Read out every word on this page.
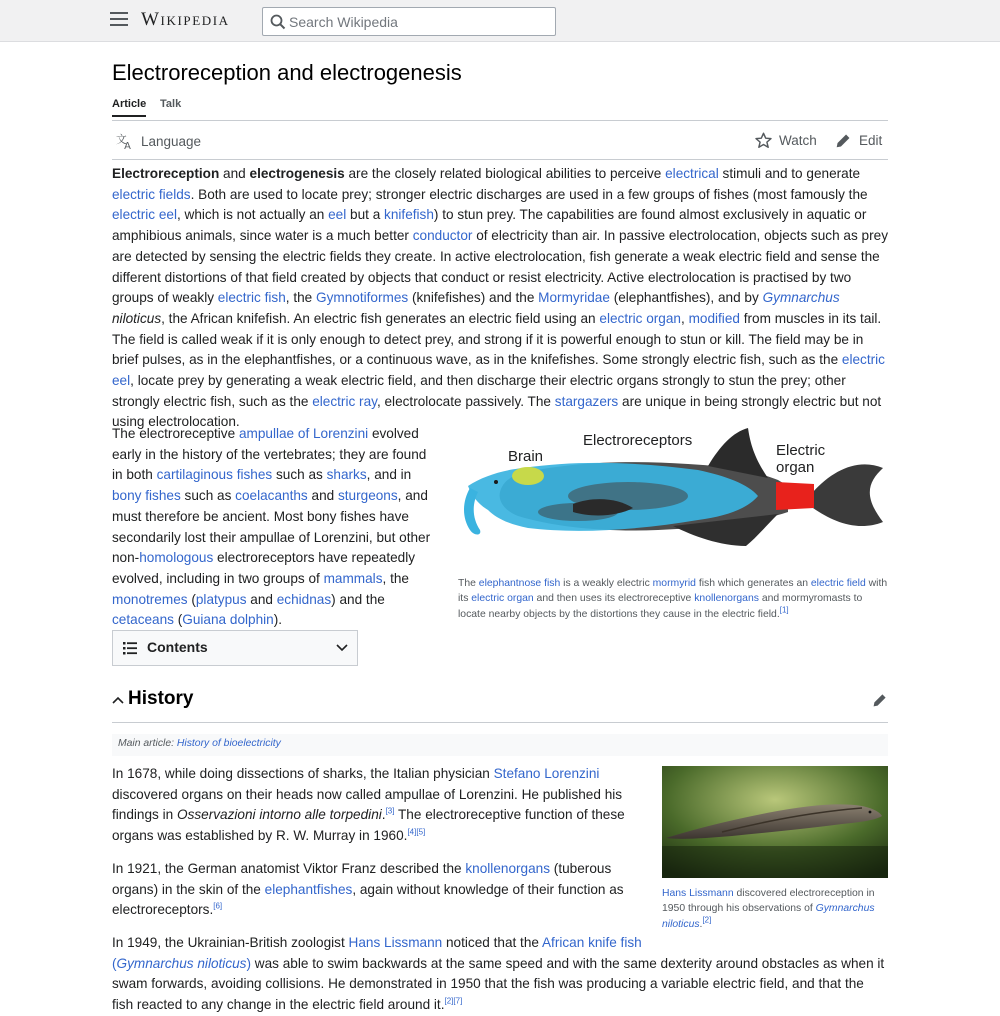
Wikipedia
Search Wikipedia
Electroreception and electrogenesis
Article Talk
文
A Language	Watch	Edit

Electroreception and electrogenesis are the closely related biological abilities to perceive electrical stimuli and to generate electric fields. Both are used to locate prey; stronger electric discharges are used in a few groups of fishes (most famously the electric eel, which is not actually an eel but a knifefish) to stun prey. The capabilities are found almost exclusively in aquatic or amphibious animals, since water is a much better conductor of electricity than air. In passive electrolocation, objects such as prey are detected by sensing the electric fields they create. In active electrolocation, fish generate a weak electric field and sense the different distortions of that field created by objects that conduct or resist electricity. Active electrolocation is practised by two groups of weakly electric fish, the Gymnotiformes (knifefishes) and the Mormyridae (elephantfishes), and by Gymnarchus niloticus, the African knifefish. An electric fish generates an electric field using an electric organ, modified from muscles in its tail. The field is called weak if it is only enough to detect prey, and strong if it is powerful enough to stun or kill. The field may be in brief pulses, as in the elephantfishes, or a continuous wave, as in the knifefishes. Some strongly electric fish, such as the electric eel, locate prey by generating a weak electric field, and then discharge their electric organs strongly to stun the prey; other strongly electric fish, such as the electric ray, electrolocate passively. The stargazers are unique in being strongly electric but not using electrolocation.

The electroreceptive ampullae of Lorenzini evolved early in the history of the vertebrates; they are found in both cartilaginous fishes such as sharks, and in bony fishes such as coelacanths and sturgeons, and must therefore be ancient. Most bony fishes have secondarily lost their ampullae of Lorenzini, but other non-homologous electroreceptors have repeatedly evolved, including in two groups of mammals, the monotremes (platypus and echidnas) and the cetaceans (Guiana dolphin).

Brain
Electroreceptors
Electric
organ

The elephantnose fish is a weakly electric mormyrid fish which generates an electric field with its electric organ and then uses its electroreceptive knollenorgans and mormyromasts to locate nearby objects by the distortions they cause in the electric field.[1]

Contents
History
Main article: History of bioelectricity

In 1678, while doing dissections of sharks, the Italian physician Stefano Lorenzini discovered organs on their heads now called ampullae of Lorenzini. He published his findings in Osservazioni intorno alle torpedini.[3] The electroreceptive function of these organs was established by R. W. Murray in 1960.[4][5]

In 1921, the German anatomist Viktor Franz described the knollenorgans (tuberous organs) in the skin of the elephantfishes, again without knowledge of their function as electroreceptors.[6]

In 1949, the Ukrainian-British zoologist Hans Lissmann noticed that the African knife fish
(Gymnarchus niloticus) was able to swim backwards at the same speed and with the same dexterity around obstacles as when it swam forwards, avoiding collisions. He demonstrated in 1950 that the fish was producing a variable electric field, and that the fish reacted to any change in the electric field around it.[2][7]

Hans Lissmann discovered electroreception in 1950 through his observations of Gymnarchus niloticus.[2]
